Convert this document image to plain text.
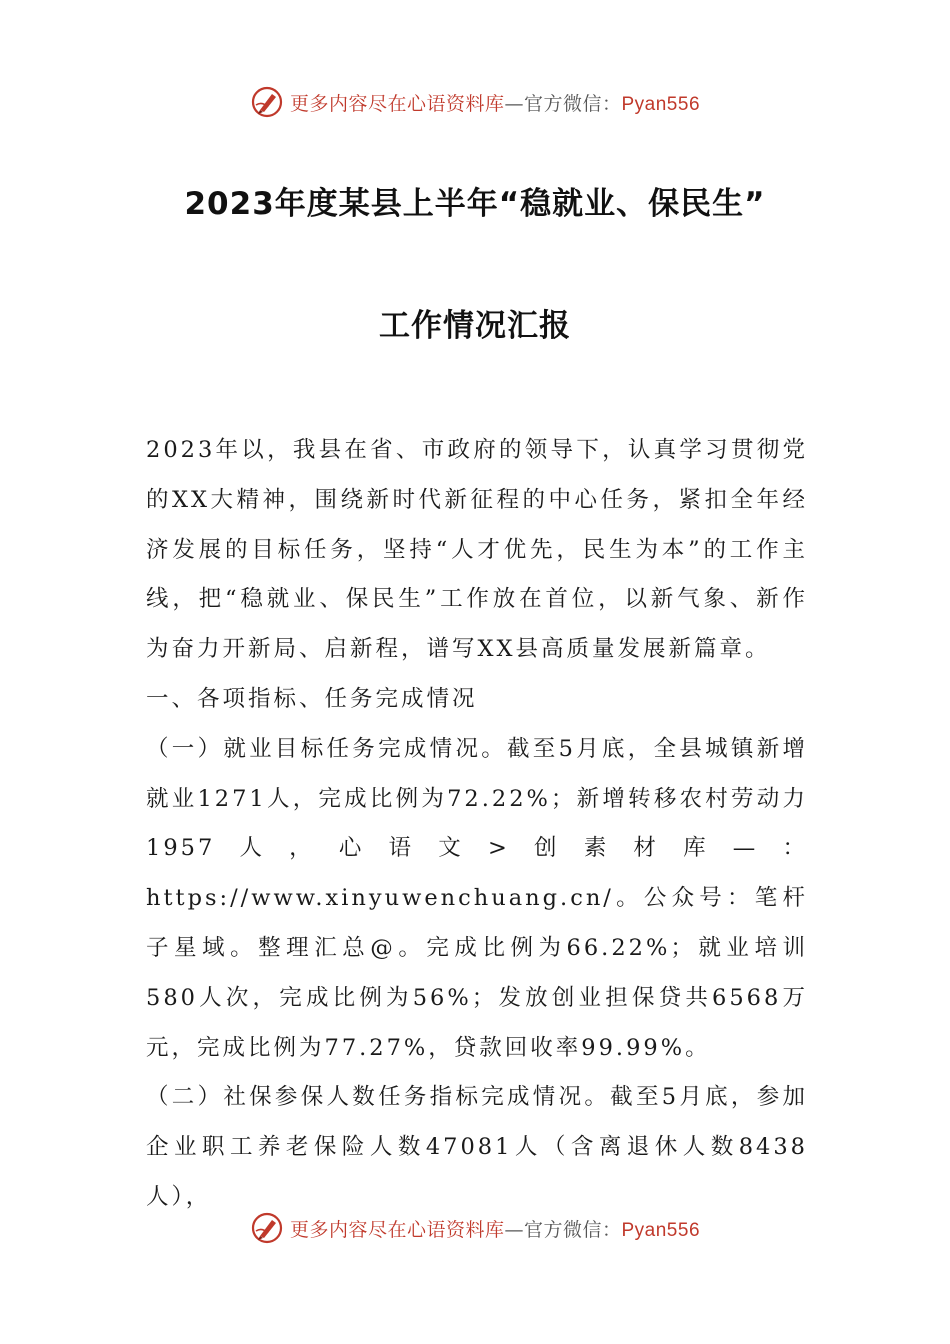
更多内容尽在心语资料库—官方微信：Pyan556
2023年度某县上半年“稳就业、保民生”
工作情况汇报

2023年以，我县在省、市政府的领导下，认真学习贯彻党的XX大精神，围绕新时代新征程的中心任务，紧扣全年经济发展的目标任务，坚持“人才优先，民生为本”的工作主线，把“稳就业、保民生”工作放在首位，以新气象、新作为奋力开新局、启新程，谱写XX县高质量发展新篇章。

一、各项指标、任务完成情况

（一）就业目标任务完成情况。截至5月底，全县城镇新增就业1271人，完成比例为72.22%；新增转移农村劳动力1957人，心语文>创素材库—：https://www.xinyuwenchuang.cn/。公众号：笔杆子星域。整理汇总@。完成比例为66.22%；就业培训580人次，完成比例为56%；发放创业担保贷共6568万元，完成比例为77.27%，贷款回收率99.99%。

（二）社保参保人数任务指标完成情况。截至5月底，参加企业职工养老保险人数47081人（含离退休人数8438人），

更多内容尽在心语资料库—官方微信：Pyan556
